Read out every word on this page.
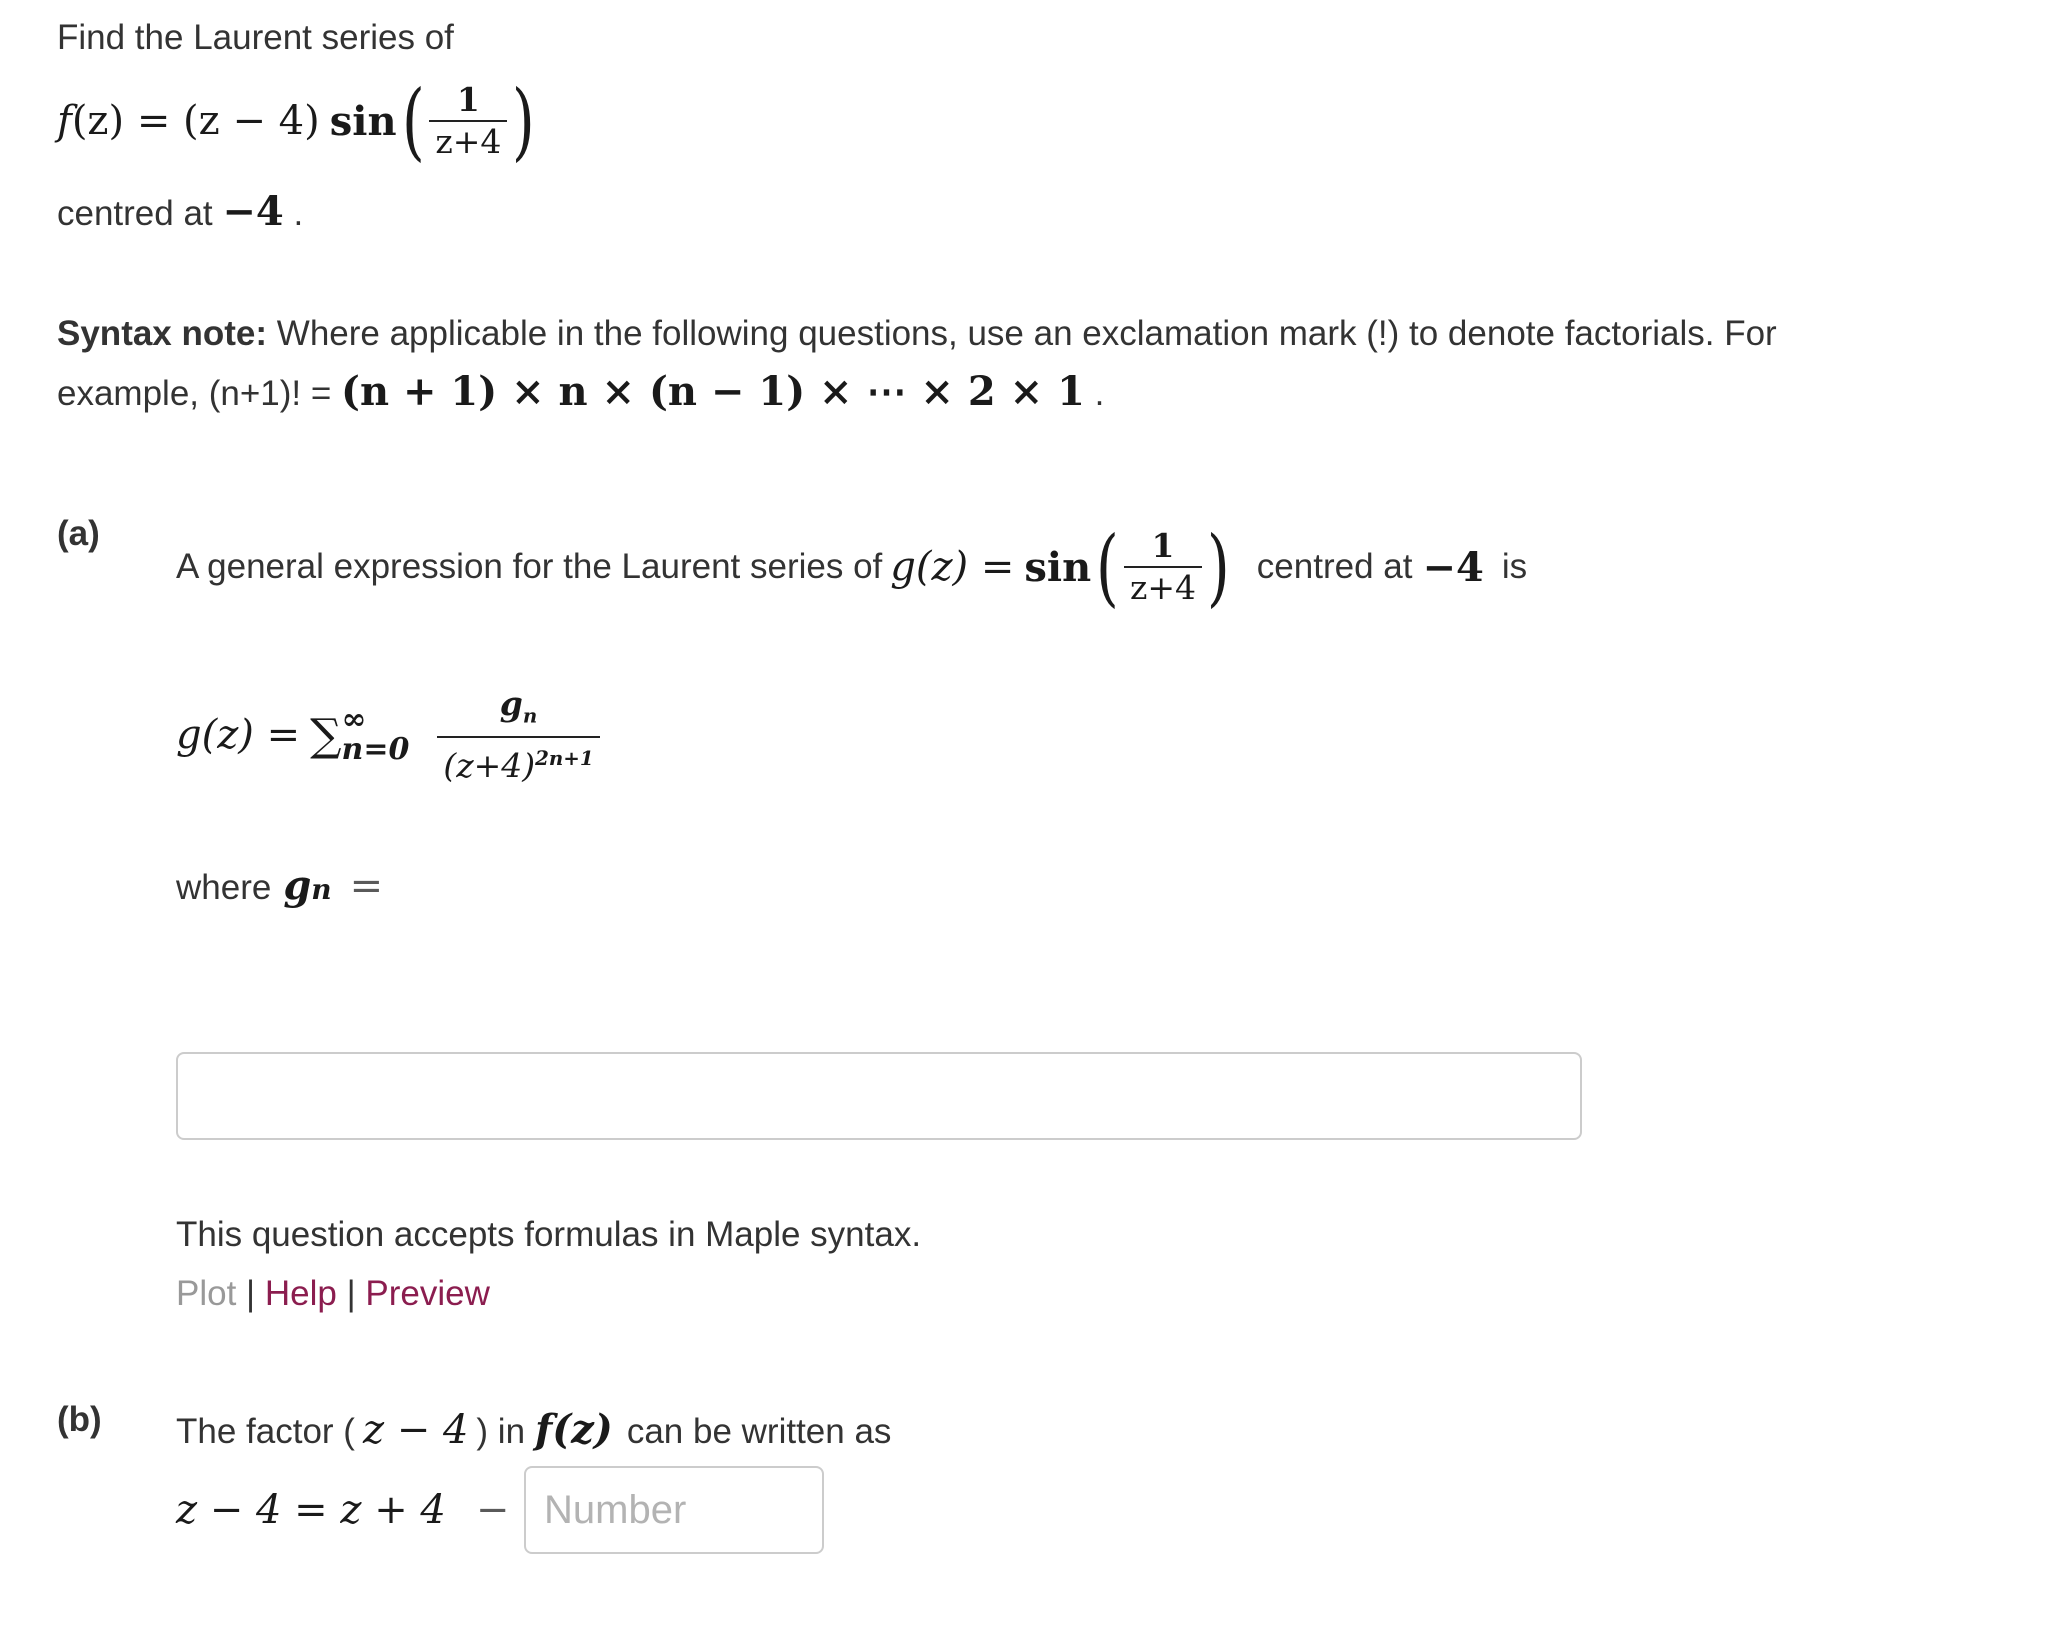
Find the Laurent series of
f (z) = (z − 4) sin ( $\frac{1}{z+4}$ )
centred at −4 .
Syntax note: Where applicable in the following questions, use an exclamation mark (!) to denote factorials. For
example, (n+1)! = (n + 1) × n × (n − 1) × ⋯ × 2 × 1 .
(a)
A general expression for the Laurent series of g(z) = sin ( $\frac{1}{z+4}$ ) centred at −4 is
g(z) = ∑ ∞
$n=0 \frac{g_n}{(z+4)^{2n+1}}$
where g n =
This question accepts formulas in Maple syntax.
Plot | Help | Preview
(b) The factor ( z − 4 ) in f(z) can be written as
z − 4 = z + 4 −
Number
